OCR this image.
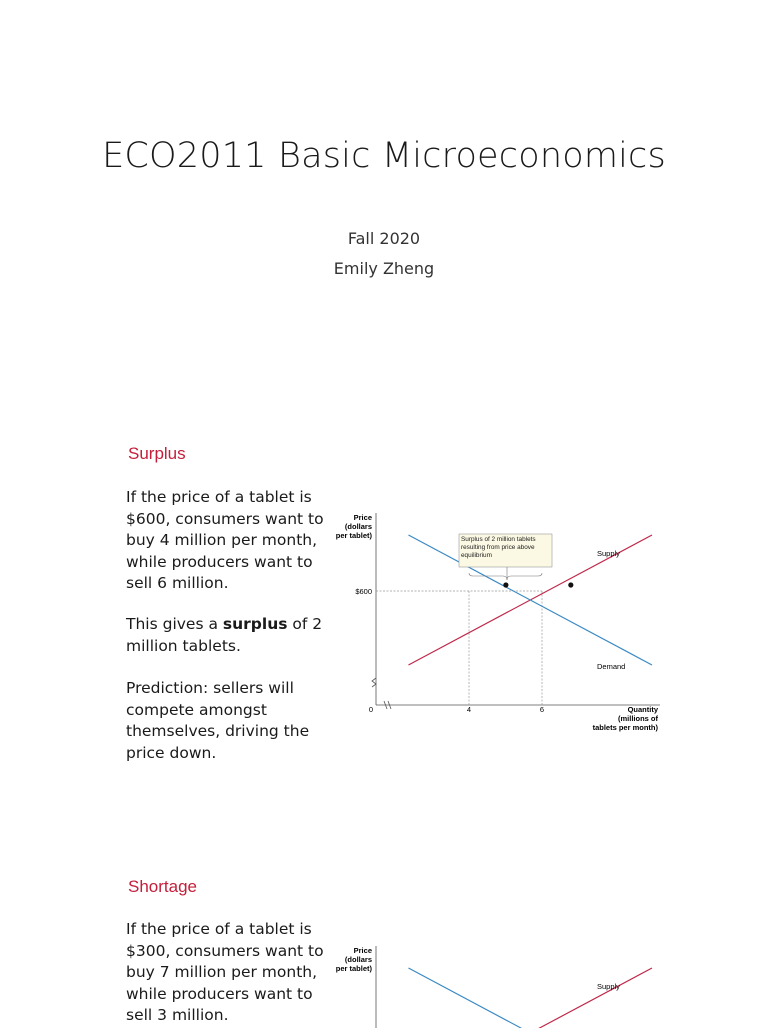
ECO2011 Basic Microeconomics
Fall 2020
Emily Zheng
Surplus
If the price of a tablet is $600, consumers want to buy 4 million per month, while producers want to sell 6 million.
This gives a surplus of 2 million tablets.
Prediction: sellers will compete amongst themselves, driving the price down.
Price
(dollars
per tablet)
$600
Supply
Demand
Surplus of 2 million tablets resulting from price above equilibrium
0	4	6	Quantity
(millions of
tablets per month)
Shortage
If the price of a tablet is $300, consumers want to buy 7 million per month, while producers want to sell 3 million.
Price
(dollars
per tablet)
Supply
